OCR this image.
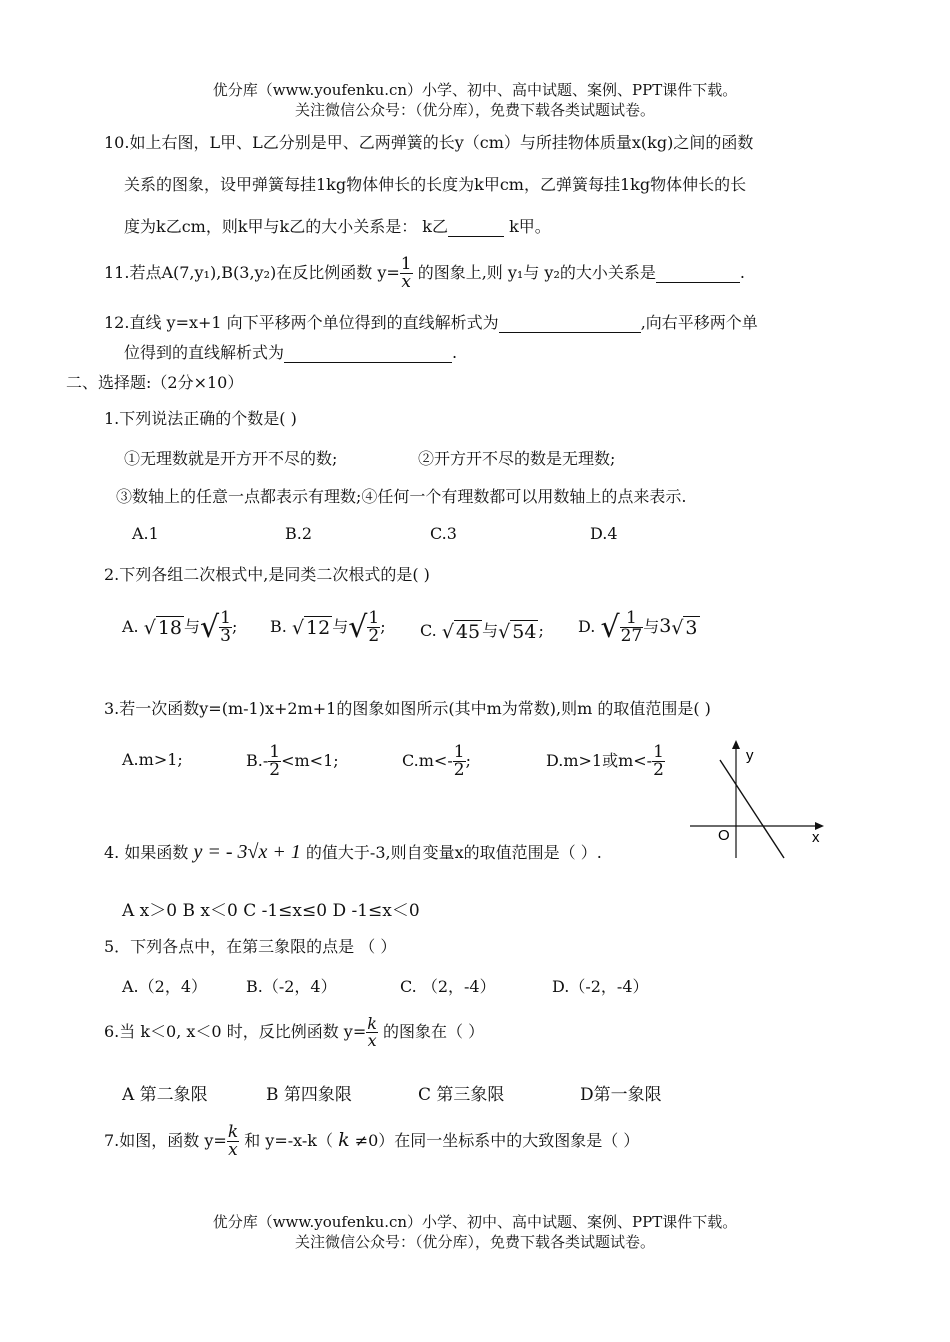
优分库（www.youfenku.cn）小学、初中、高中试题、案例、PPT课件下载。
关注微信公众号：（优分库），免费下载各类试题试卷。
10.如上右图，L甲、L乙分别是甲、乙两弹簧的长y（cm）与所挂物体质量x(kg)之间的函数
关系的图象，设甲弹簧每挂1kg物体伸长的长度为k甲cm，乙弹簧每挂1kg物体伸长的长
度为k乙cm，则k甲与k乙的大小关系是： k乙	k甲。
11.若点A(7,y₁),B(3,y₂)在反比例函数 $y= \frac{1}{x}$ 的图象上,则 y₁与 y₂的大小关系是	.
12.直线 y=x+1 向下平移两个单位得到的直线解析式为	,向右平移两个单
位得到的直线解析式为	.
二、选择题:（2分×10）
1.下列说法正确的个数是( )
①无理数就是开方开不尽的数;	②开方开不尽的数是无理数;
③数轴上的任意一点都表示有理数;④任何一个有理数都可以用数轴上的点来表示.
A.1	B.2	C.3	D.4
2.下列各组二次根式中,是同类二次根式的是( )
A. √ 18 与√ $\frac{1}{3}$ ; B. √ 12 与√ $\frac{1}{2}$ ; C. √ 45 与√ 54 ; D. √ $\frac{1}{27}$ 与3√ 3
3.若一次函数y=(m-1)x+2m+1的图象如图所示(其中m为常数),则m 的取值范围是( )
A.m>1;	$B.- \frac{1}{2} <m<1$;	$C.m<- \frac{1}{2}$ ;	D.m>1或$m<- \frac{1}{2}$	y
x
O
4. 如果函数 y = - 3√x + 1 的值大于-3,则自变量x的取值范围是（ ）.
A x＞0 B x＜0 C -1≤x≤0 D -1≤x＜0
5．下列各点中，在第三象限的点是 （ ）
A.（2，4） B.（-2，4）	C. （2，-4）	D.（-2，-4）
6.当 k＜0, x＜0 时，反比例函数 $y= \frac{k}{x}$ 的图象在（ ）
A 第二象限	B 第四象限	C 第三象限	D第一象限
7.如图，函数 $y= \frac{k}{x}$ 和 y=-x-k（ k ≠0）在同一坐标系中的大致图象是（ ）
优分库（www.youfenku.cn）小学、初中、高中试题、案例、PPT课件下载。
关注微信公众号：（优分库），免费下载各类试题试卷。
